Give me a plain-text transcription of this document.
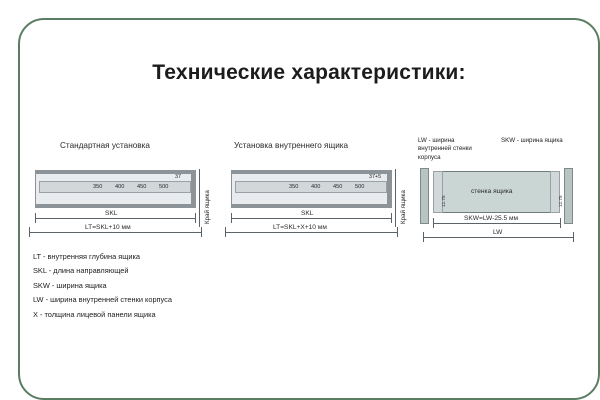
Технические характеристики:
Стандартная установка
350 400 450 500
37
SKL
LT=SKL+10 мм
Край ящика
Установка внутреннего ящика
350 400 450 500
37+5
SKL
LT=SKL+X+10 мм
Край ящика
LW - ширина внутренней стенки корпуса
SKW - ширина ящика
стенка ящика
12.75	12.75
SKW=LW-25.5 мм
LW
LT - внутренняя глубина ящика
SKL - длина направляющей
SKW - ширина ящика
LW - ширина внутренней стенки корпуса
X - толщина лицевой панели ящика
